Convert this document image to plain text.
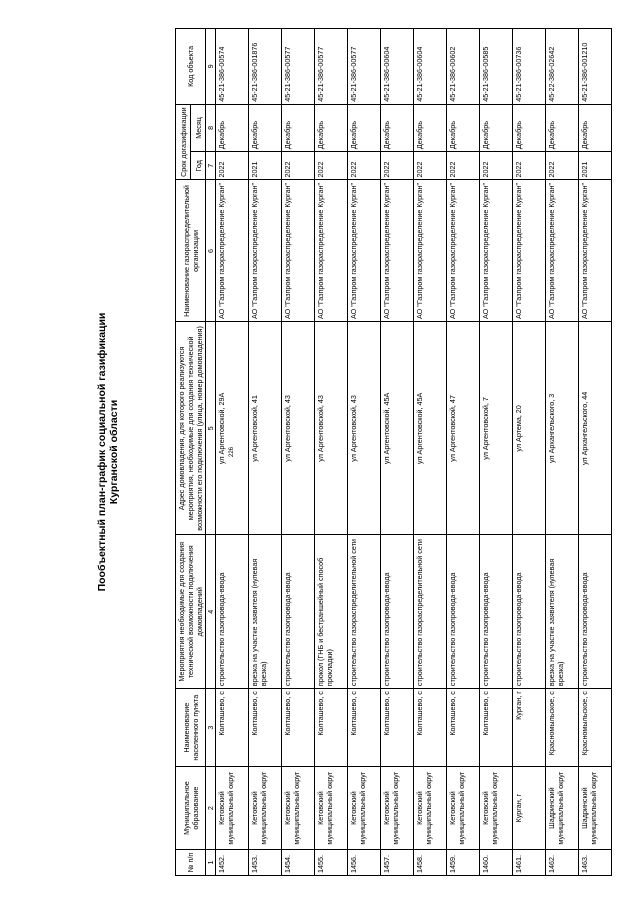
226
Пообъектный план-график социальной газификации Курганской области
№ п/п	Муниципальное образование	Наименование населенного пункта	Мероприятия необходимые для создания технической возможности подключения домовладений	Адрес домовладения, для которого реализуются мероприятия, необходимые для создания технической возможности его подключения (улица, номер домовладения)	Наименование газораспределительной организации	Срок догазификации		Код объекта
						Год	Месяц	
1	2	3	4	5	6	7	8	9
1452.	Кетовский муниципальный округ	Колташево, с	строительство газопровода-ввода	ул Аргентовской, 29А	АО "Газпром газораспределение Курган"	2022	Декабрь	45-21-386-00574
1453.	Кетовский муниципальный округ	Колташево, с	врезка на участке заявителя (нулевая врезка)	ул Аргентовской, 41	АО "Газпром газораспределение Курган"	2021	Декабрь	45-21-386-001876
1454.	Кетовский муниципальный округ	Колташево, с	строительство газопровода-ввода	ул Аргентовской, 43	АО "Газпром газораспределение Курган"	2022	Декабрь	45-21-386-00577
1455.	Кетовский муниципальный округ	Колташево, с	прокол (ГНБ и бестраншейный способ прокладки)	ул Аргентовской, 43	АО "Газпром газораспределение Курган"	2022	Декабрь	45-21-386-00577
1456.	Кетовский муниципальный округ	Колташево, с	строительство газораспределительной сети	ул Аргентовской, 43	АО "Газпром газораспределение Курган"	2022	Декабрь	45-21-386-00577
1457.	Кетовский муниципальный округ	Колташево, с	строительство газопровода-ввода	ул Аргентовской, 45А	АО "Газпром газораспределение Курган"	2022	Декабрь	45-21-386-00604
1458.	Кетовский муниципальный округ	Колташево, с	строительство газораспределительной сети	ул Аргентовской, 45А	АО "Газпром газораспределение Курган"	2022	Декабрь	45-21-386-00604
1459.	Кетовский муниципальный округ	Колташево, с	строительство газопровода-ввода	ул Аргентовской, 47	АО "Газпром газораспределение Курган"	2022	Декабрь	45-21-386-00602
1460.	Кетовский муниципальный округ	Колташево, с	строительство газопровода-ввода	ул Аргентовской, 7	АО "Газпром газораспределение Курган"	2022	Декабрь	45-21-386-00585
1461.	Курган, г	Курган, г	строительство газопровода-ввода	ул Артема, 20	АО "Газпром газораспределение Курган"	2022	Декабрь	45-21-386-00736
1462.	Шадринский муниципальный округ	Красномыльское, с	врезка на участке заявителя (нулевая врезка)	ул Архангельского, 3	АО "Газпром газораспределение Курган"	2022	Декабрь	45-22-386-02642
1463.	Шадринский муниципальный округ	Красномыльское, с	строительство газопровода-ввода	ул Архангельского, 44	АО "Газпром газораспределение Курган"	2021	Декабрь	45-21-386-001210
